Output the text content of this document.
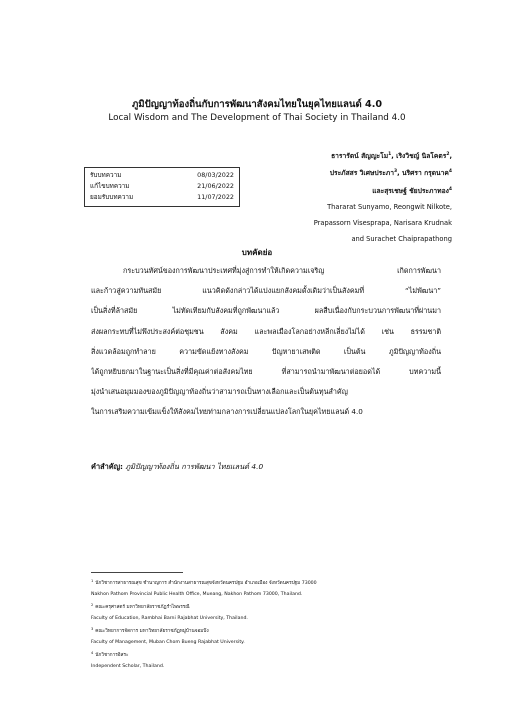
ภูมิปัญญาท้องถิ่นกับการพัฒนาสังคมไทยในยุคไทยแลนด์ 4.0
Local Wisdom and The Development of Thai Society in Thailand 4.0
ธารารัตน์ สัญญะโม$^1$, เริงวิชญ์ นิลโคตร$^2$,
ประภัสสร วิเศษประภา$^3$, นริศรา กรุดนาค$^4$
และสุรเชษฐ์ ชัยประภาทอง$^4$
Thararat Sunyamo, Reongwit Nilkote,
Prapassorn Visesprapa, Narisara Krudnak
and Surachet Chaiprapathong
รับบทความ	08/03/2022
แก้ไขบทความ	21/06/2022
ยอมรับบทความ	11/07/2022
บทคัดย่อ
กระบวนทัศน์ของการพัฒนาประเทศที่มุ่งสู่การทำให้เกิดความเจริญ เกิดการพัฒนา
และก้าวสู่ความทันสมัย แนวคิดดังกล่าวได้แบ่งแยกสังคมดั้งเดิมว่าเป็นสังคมที่ “ไม่พัฒนา”
เป็นสิ่งที่ล้าสมัย ไม่ทัดเทียมกับสังคมที่ถูกพัฒนาแล้ว ผลสืบเนื่องกับกระบวนการพัฒนาที่ผ่านมา
ส่งผลกระทบที่ไม่พึงประสงค์ต่อชุมชน สังคม และพลเมืองโลกอย่างหลีกเลี่ยงไม่ได้ เช่น ธรรมชาติ
สิ่งแวดล้อมถูกทำลาย ความขัดแย้งทางสังคม ปัญหายาเสพติด เป็นต้น ภูมิปัญญาท้องถิ่น
ได้ถูกหยิบยกมาในฐานะเป็นสิ่งที่มีคุณค่าต่อสังคมไทย ที่สามารถนำมาพัฒนาต่อยอดได้ บทความนี้
มุ่งนำเสนอมุมมองของภูมิปัญญาท้องถิ่นว่าสามารถเป็นทางเลือกและเป็นต้นทุนสำคัญ
ในการเสริมความเข้มแข็งให้สังคมไทยท่ามกลางการเปลี่ยนแปลงโลกในยุคไทยแลนด์ 4.0
คำสำคัญ: ภูมิปัญญาท้องถิ่น การพัฒนา ไทยแลนด์ 4.0
$^1$ นักวิชาการสาธารณสุข ชำนาญการ สำนักงานสาธารณสุขจังหวัดนครปฐม อำเภอเมือง จังหวัดนครปฐม 73000
Nakhon Pathom Provincial Public Health Office, Mueang, Nakhon Pathom 73000, Thailand.
$^2$ คณะครุศาสตร์ มหาวิทยาลัยราชภัฏรำไพพรรณี
Faculty of Education, Rambhai Barni Rajabhat University, Thailand.
$^3$ คณะวิทยาการจัดการ มหาวิทยาลัยราชภัฏหมู่บ้านจอมบึง
Faculty of Management, Muban Chom Bueng Rajabhat University.
$^4$ นักวิชาการอิสระ
Independent Scholar, Thailand.
